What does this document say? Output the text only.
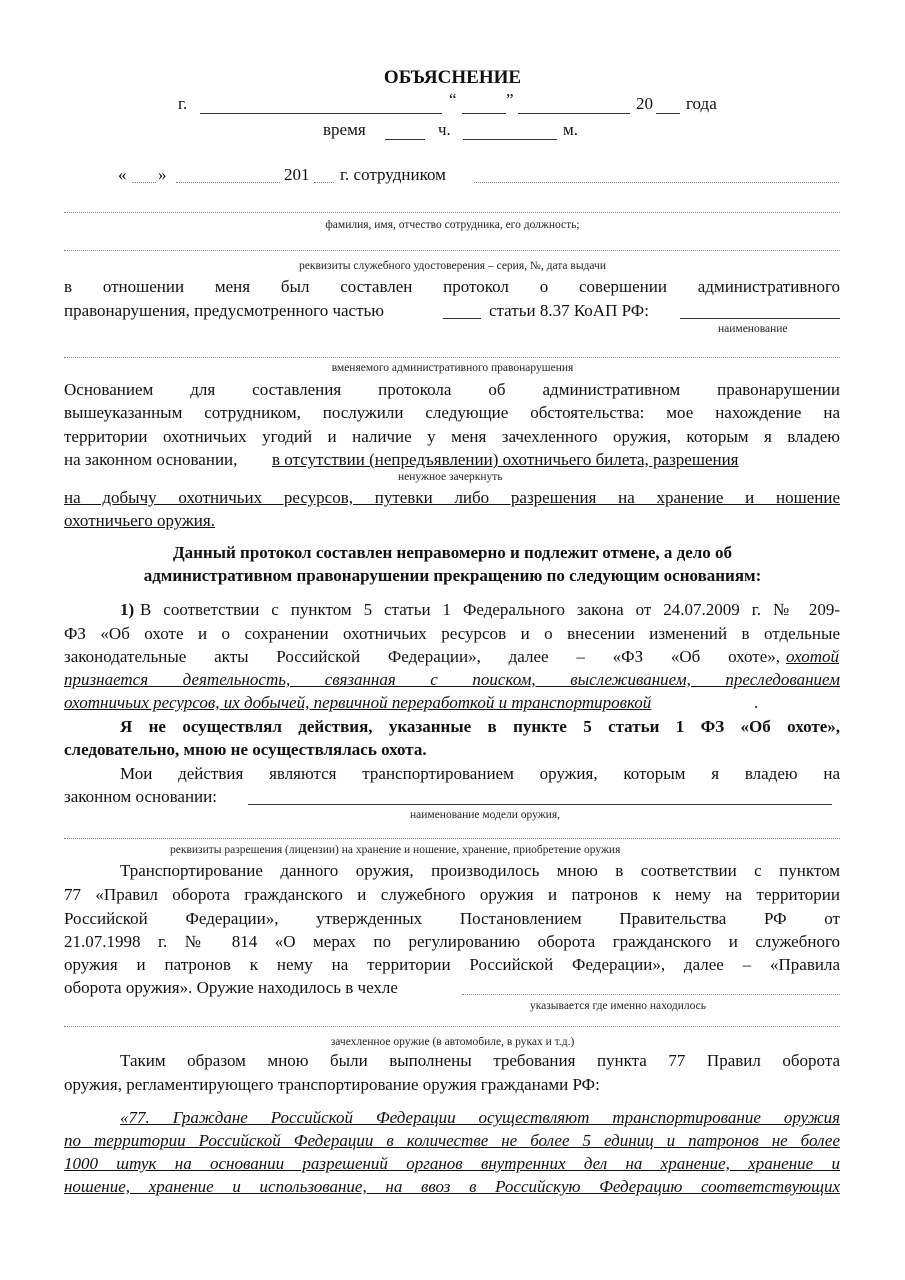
ОБЪЯСНЕНИЕ
г.	“	”	20 года
время	ч.	м.
« »	201 г. сотрудником
фамилия, имя, отчество сотрудника, его должность;
реквизиты служебного удостоверения – серия, №, дата выдачи
в отношении меня был составлен протокол о совершении административного
правонарушения, предусмотренного частью	статьи 8.37 КоАП РФ:
наименование
вменяемого административного правонарушения
Основанием для составления протокола об административном правонарушении
вышеуказанным сотрудником, послужили следующие обстоятельства: мое нахождение на
территории охотничьих угодий и наличие у меня зачехленного оружия, которым я владею
на законном основании, в отсутствии (непредъявлении) охотничьего билета, разрешения
ненужное зачеркнуть
на добычу охотничьих ресурсов, путевки либо разрешения на хранение и ношение
охотничьего оружия.
Данный протокол составлен неправомерно и подлежит отмене, а дело об
административном правонарушении прекращению по следующим основаниям:
1) В соответствии с пунктом 5 статьи 1 Федерального закона от 24.07.2009 г. № 209-
ФЗ «Об охоте и о сохранении охотничьих ресурсов и о внесении изменений в отдельные
законодательные акты Российской Федерации», далее – «ФЗ «Об охоте», охотой
признается деятельность, связанная с поиском, выслеживанием, преследованием
охотничьих ресурсов, их добычей, первичной переработкой и транспортировкой	.
Я не осуществлял действия, указанные в пункте 5 статьи 1 ФЗ «Об охоте»,
следовательно, мною не осуществлялась охота.
Мои действия являются транспортированием оружия, которым я владею на
законном основании:
наименование модели оружия,
реквизиты разрешения (лицензии) на хранение и ношение, хранение, приобретение оружия
Транспортирование данного оружия, производилось мною в соответствии с пунктом
77 «Правил оборота гражданского и служебного оружия и патронов к нему на территории
Российской Федерации», утвержденных Постановлением Правительства РФ от
21.07.1998 г. № 814 «О мерах по регулированию оборота гражданского и служебного
оружия и патронов к нему на территории Российской Федерации», далее – «Правила
оборота оружия». Оружие находилось в чехле
указывается где именно находилось
зачехленное оружие (в автомобиле, в руках и т.д.)
Таким образом мною были выполнены требования пункта 77 Правил оборота
оружия, регламентирующего транспортирование оружия гражданами РФ:
«77. Граждане Российской Федерации осуществляют транспортирование оружия
по территории Российской Федерации в количестве не более 5 единиц и патронов не более
1000 штук на основании разрешений органов внутренних дел на хранение, хранение и
ношение, хранение и использование, на ввоз в Российскую Федерацию соответствующих
